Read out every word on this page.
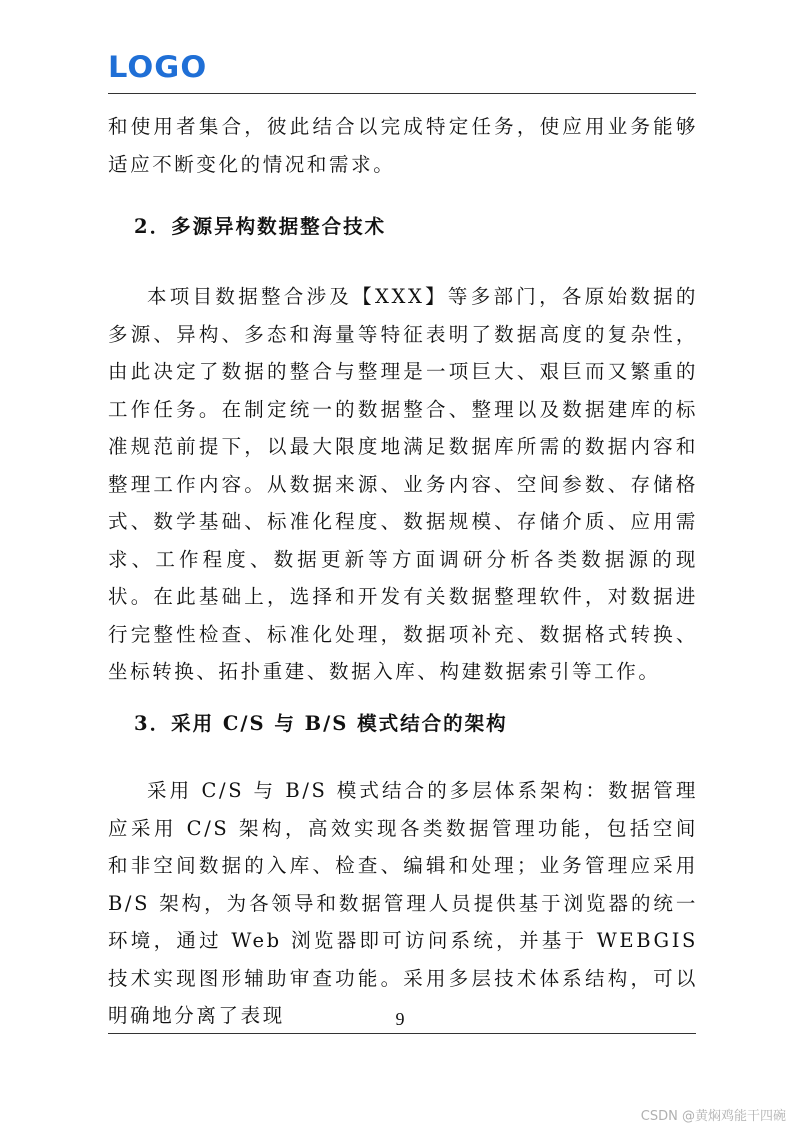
LOGO

和使用者集合，彼此结合以完成特定任务，使应用业务能够适应不断变化的情况和需求。

2．多源异构数据整合技术

本项目数据整合涉及【XXX】等多部门，各原始数据的多源、异构、多态和海量等特征表明了数据高度的复杂性，由此决定了数据的整合与整理是一项巨大、艰巨而又繁重的工作任务。在制定统一的数据整合、整理以及数据建库的标准规范前提下，以最大限度地满足数据库所需的数据内容和整理工作内容。从数据来源、业务内容、空间参数、存储格式、数学基础、标准化程度、数据规模、存储介质、应用需求、工作程度、数据更新等方面调研分析各类数据源的现状。在此基础上，选择和开发有关数据整理软件，对数据进行完整性检查、标准化处理，数据项补充、数据格式转换、坐标转换、拓扑重建、数据入库、构建数据索引等工作。

3．采用 C/S 与 B/S 模式结合的架构

采用 C/S 与 B/S 模式结合的多层体系架构：数据管理应采用 C/S 架构，高效实现各类数据管理功能，包括空间和非空间数据的入库、检查、编辑和处理；业务管理应采用 B/S 架构，为各领导和数据管理人员提供基于浏览器的统一环境，通过 Web 浏览器即可访问系统，并基于 WEBGIS 技术实现图形辅助审查功能。采用多层技术体系结构，可以明确地分离了表现	9
CSDN @黄焖鸡能干四碗
